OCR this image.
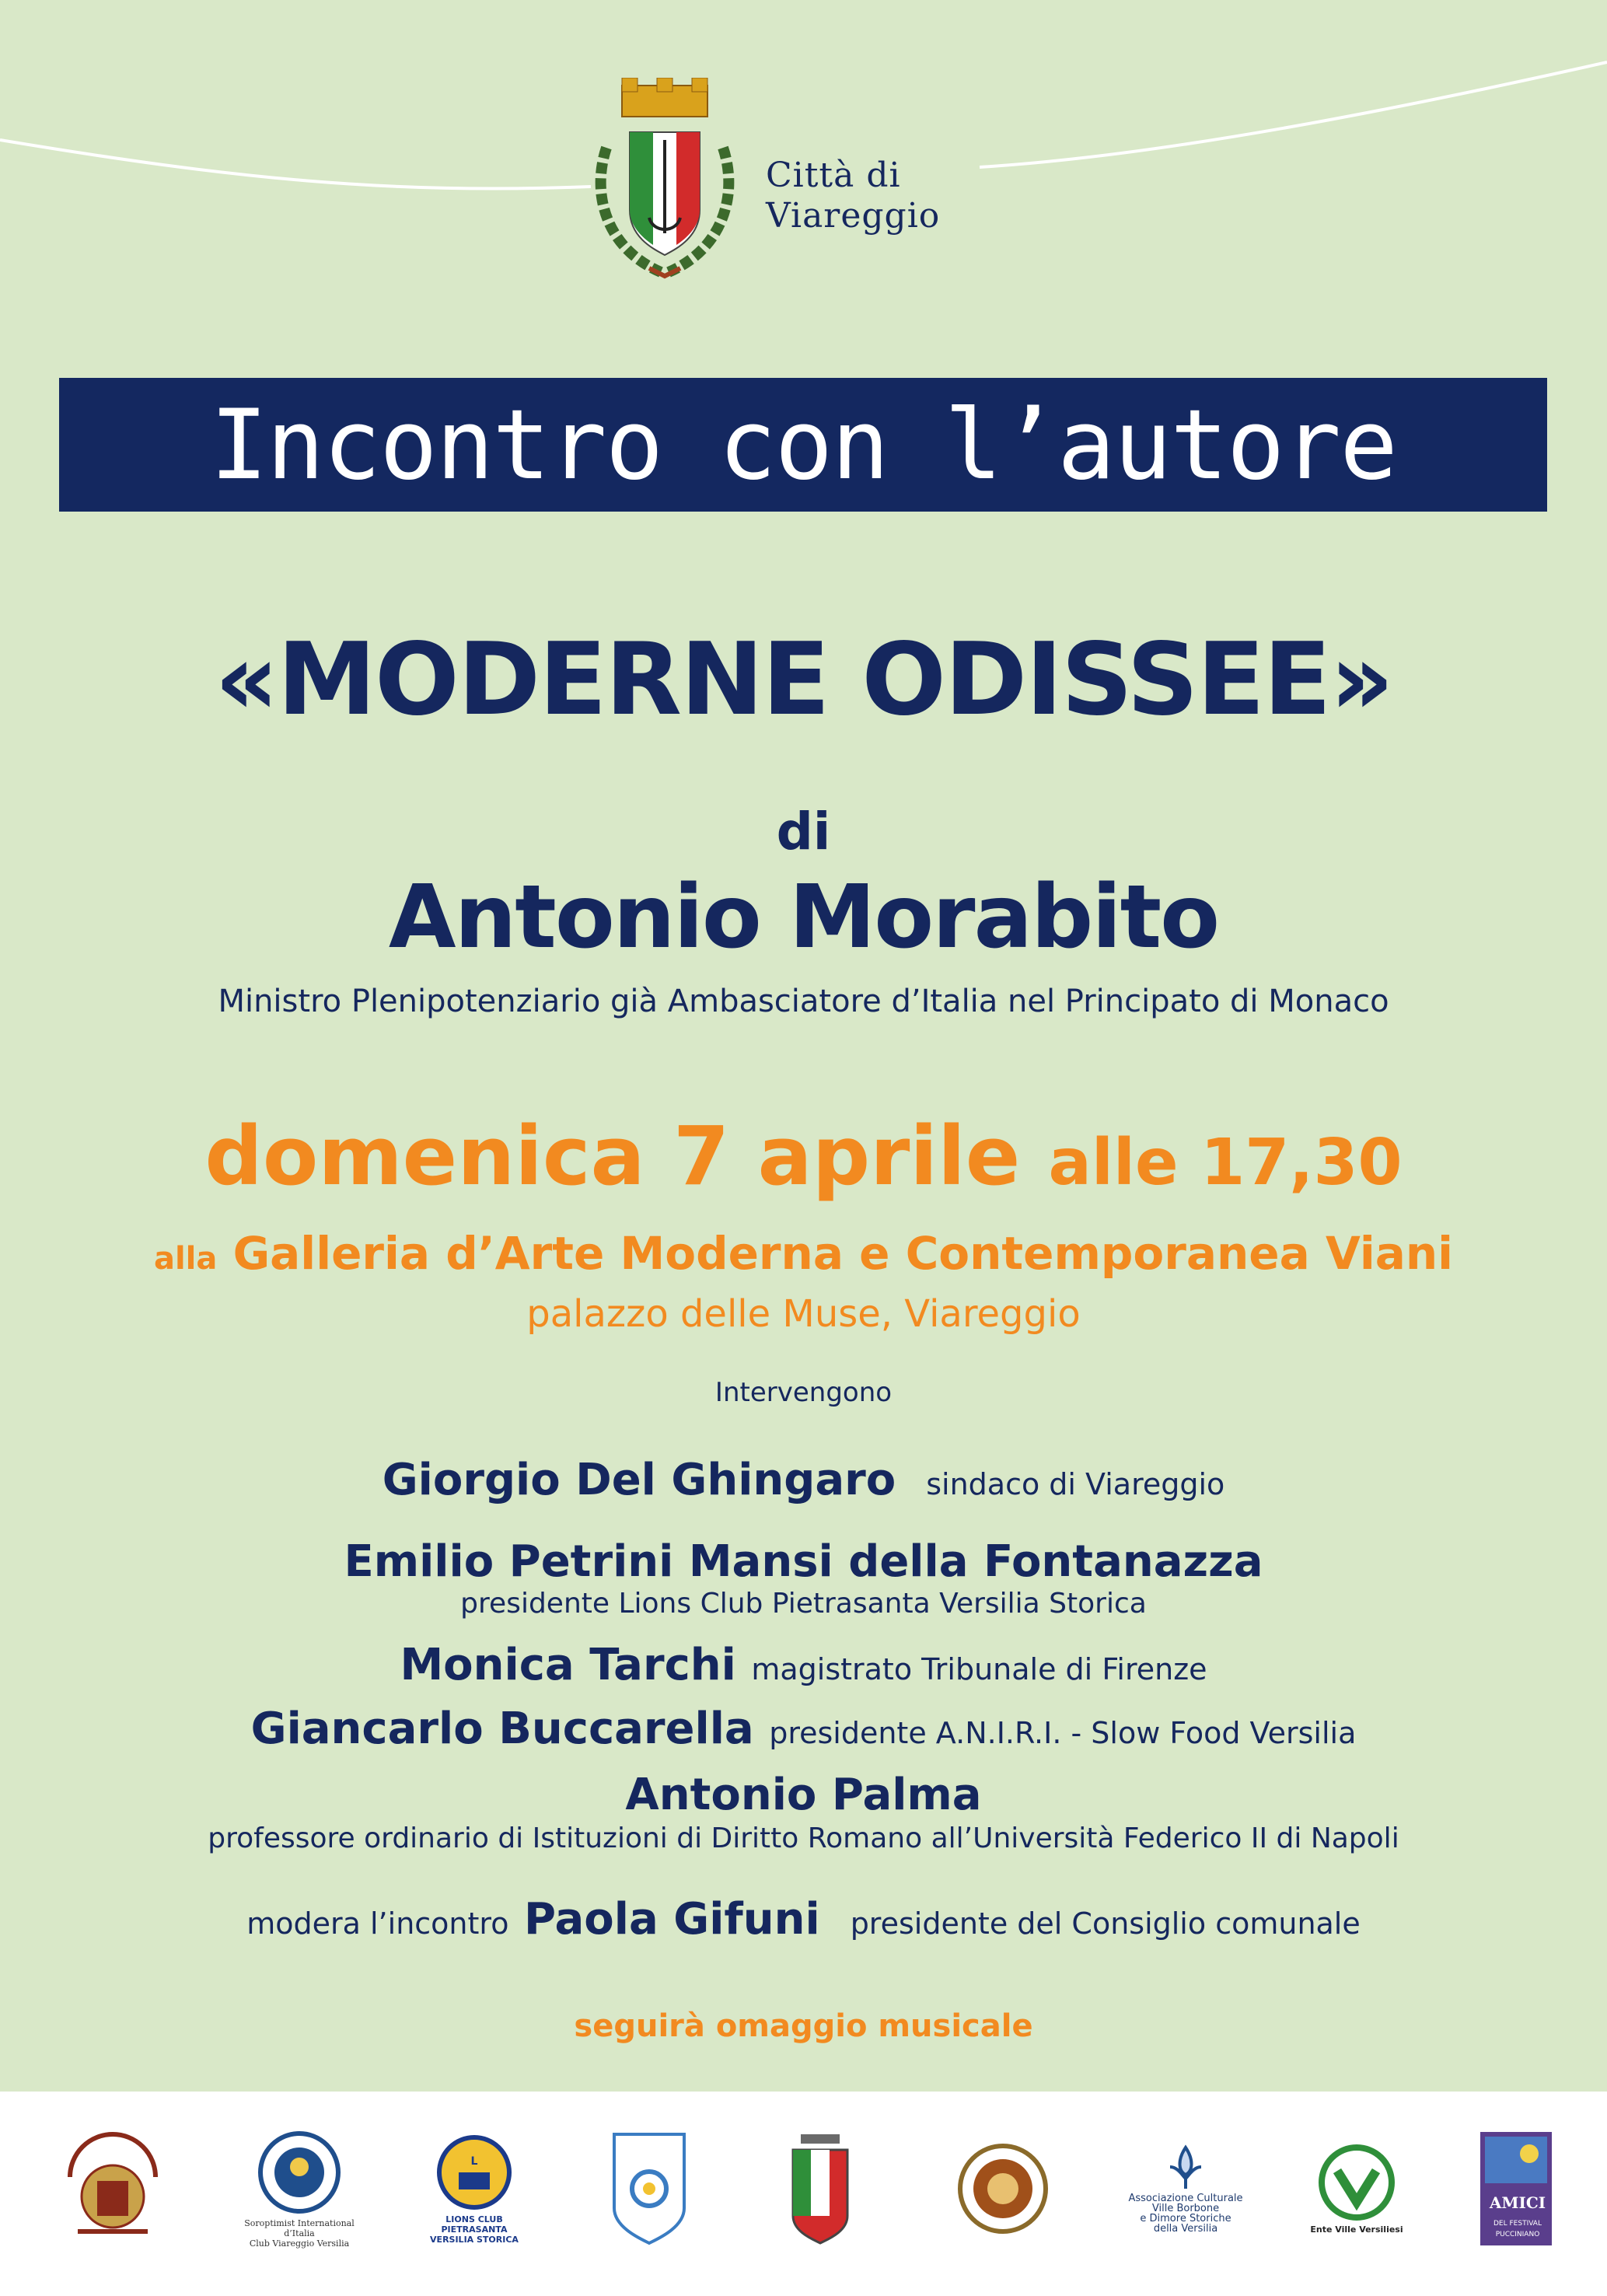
Città di
Viareggio
Incontro con l’autore
«MODERNE ODISSEE»
di
Antonio Morabito
Ministro Plenipotenziario già Ambasciatore d’Italia nel Principato di Monaco
domenica 7 aprile alle 17,30
alla Galleria d’Arte Moderna e Contemporanea Viani
palazzo delle Muse, Viareggio
Intervengono
Giorgio Del Ghingaro sindaco di Viareggio
Emilio Petrini Mansi della Fontanazza
presidente Lions Club Pietrasanta Versilia Storica
Monica Tarchi magistrato Tribunale di Firenze
Giancarlo Buccarella presidente A.N.I.R.I. - Slow Food Versilia
Antonio Palma
professore ordinario di Istituzioni di Diritto Romano all’Università Federico II di Napoli
modera l’incontro Paola Gifuni presidente del Consiglio comunale
seguirà omaggio musicale
Soroptimist International d’Italia
Club Viareggio Versilia
L
LIONS CLUB
PIETRASANTA
VERSILIA STORICA
Associazione Culturale
Ville Borbone
e Dimore Storiche
della Versilia	Ente Ville Versiliesi
AMICI
DEL FESTIVAL
PUCCINIANO
